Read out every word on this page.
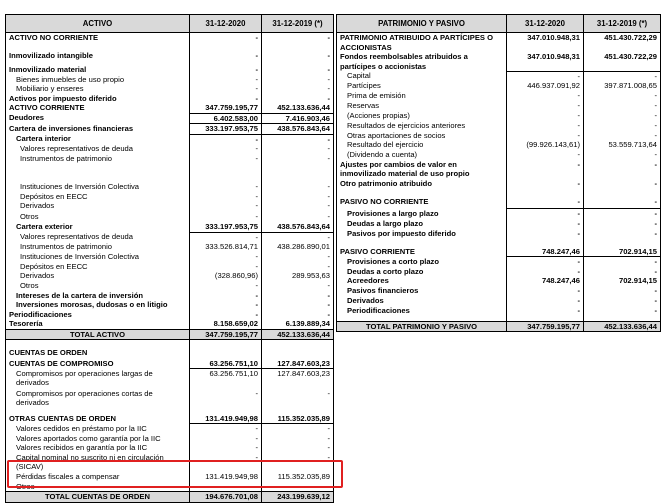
ACTIVO	31-12-2020	31-12-2019 (*)
ACTIVO NO CORRIENTE	-	-
Inmovilizado intangible	-	-
Inmovilizado material	-	-
Bienes inmuebles de uso propio	-	-
Mobiliario y enseres	-	-
Activos por impuesto diferido	-	-
ACTIVO CORRIENTE	347.759.195,77	452.133.636,44
Deudores	6.402.583,00	7.416.903,46
Cartera de inversiones financieras	333.197.953,75	438.576.843,64
Cartera interior	-	-
Valores representativos de deuda	-	-
Instrumentos de patrimonio	-	-
Instituciones de Inversión Colectiva	-	-
Depósitos en EECC	-	-
Derivados	-	-
Otros	-	-
Cartera exterior	333.197.953,75	438.576.843,64
Valores representativos de deuda	-	-
Instrumentos de patrimonio	333.526.814,71	438.286.890,01
Instituciones de Inversión Colectiva	-	-
Depósitos en EECC	-	-
Derivados	(328.860,96)	289.953,63
Otros	-	-
Intereses de la cartera de inversión	-	-
Inversiones morosas, dudosas o en litigio	-	-
Periodificaciones	-	-
Tesorería	8.158.659,02	6.139.889,34
TOTAL ACTIVO	347.759.195,77	452.133.636,44

CUENTAS DE ORDEN		
CUENTAS DE COMPROMISO	63.256.751,10	127.847.603,23
Compromisos por operaciones largas de derivados	63.256.751,10	127.847.603,23
Compromisos por operaciones cortas de derivados	-	-

OTRAS CUENTAS DE ORDEN	131.419.949,98	115.352.035,89
Valores cedidos en préstamo por la IIC	-	-
Valores aportados como garantía por la IIC	-	-
Valores recibidos en garantía por la IIC	-	-
Capital nominal no suscrito ni en circulación (SICAV)	-	-
Pérdidas fiscales a compensar	131.419.949,98	115.352.035,89
Otros	-	-
TOTAL CUENTAS DE ORDEN	194.676.701,08	243.199.639,12
PATRIMONIO Y PASIVO	31-12-2020	31-12-2019 (*)
PATRIMONIO ATRIBUIDO A PARTÍCIPES O ACCIONISTAS	347.010.948,31	451.430.722,29
Fondos reembolsables atribuidos a partícipes o accionistas	347.010.948,31	451.430.722,29
Capital	-	-
Partícipes	446.937.091,92	397.871.008,65
Prima de emisión	-	-
Reservas	-	-
(Acciones propias)	-	-
Resultados de ejercicios anteriores	-	-
Otras aportaciones de socios	-	-
Resultado del ejercicio	(99.926.143,61)	53.559.713,64
(Dividendo a cuenta)	-	-
Ajustes por cambios de valor en inmovilizado material de uso propio	-	-
Otro patrimonio atribuido	-	-
PASIVO NO CORRIENTE	-	-
Provisiones a largo plazo	-	-
Deudas a largo plazo	-	-
Pasivos por impuesto diferido	-	-
PASIVO CORRIENTE	748.247,46	702.914,15
Provisiones a corto plazo	-	-
Deudas a corto plazo	-	-
Acreedores	748.247,46	702.914,15
Pasivos financieros	-	-
Derivados	-	-
Periodificaciones	-	-
TOTAL PATRIMONIO Y PASIVO	347.759.195,77	452.133.636,44
